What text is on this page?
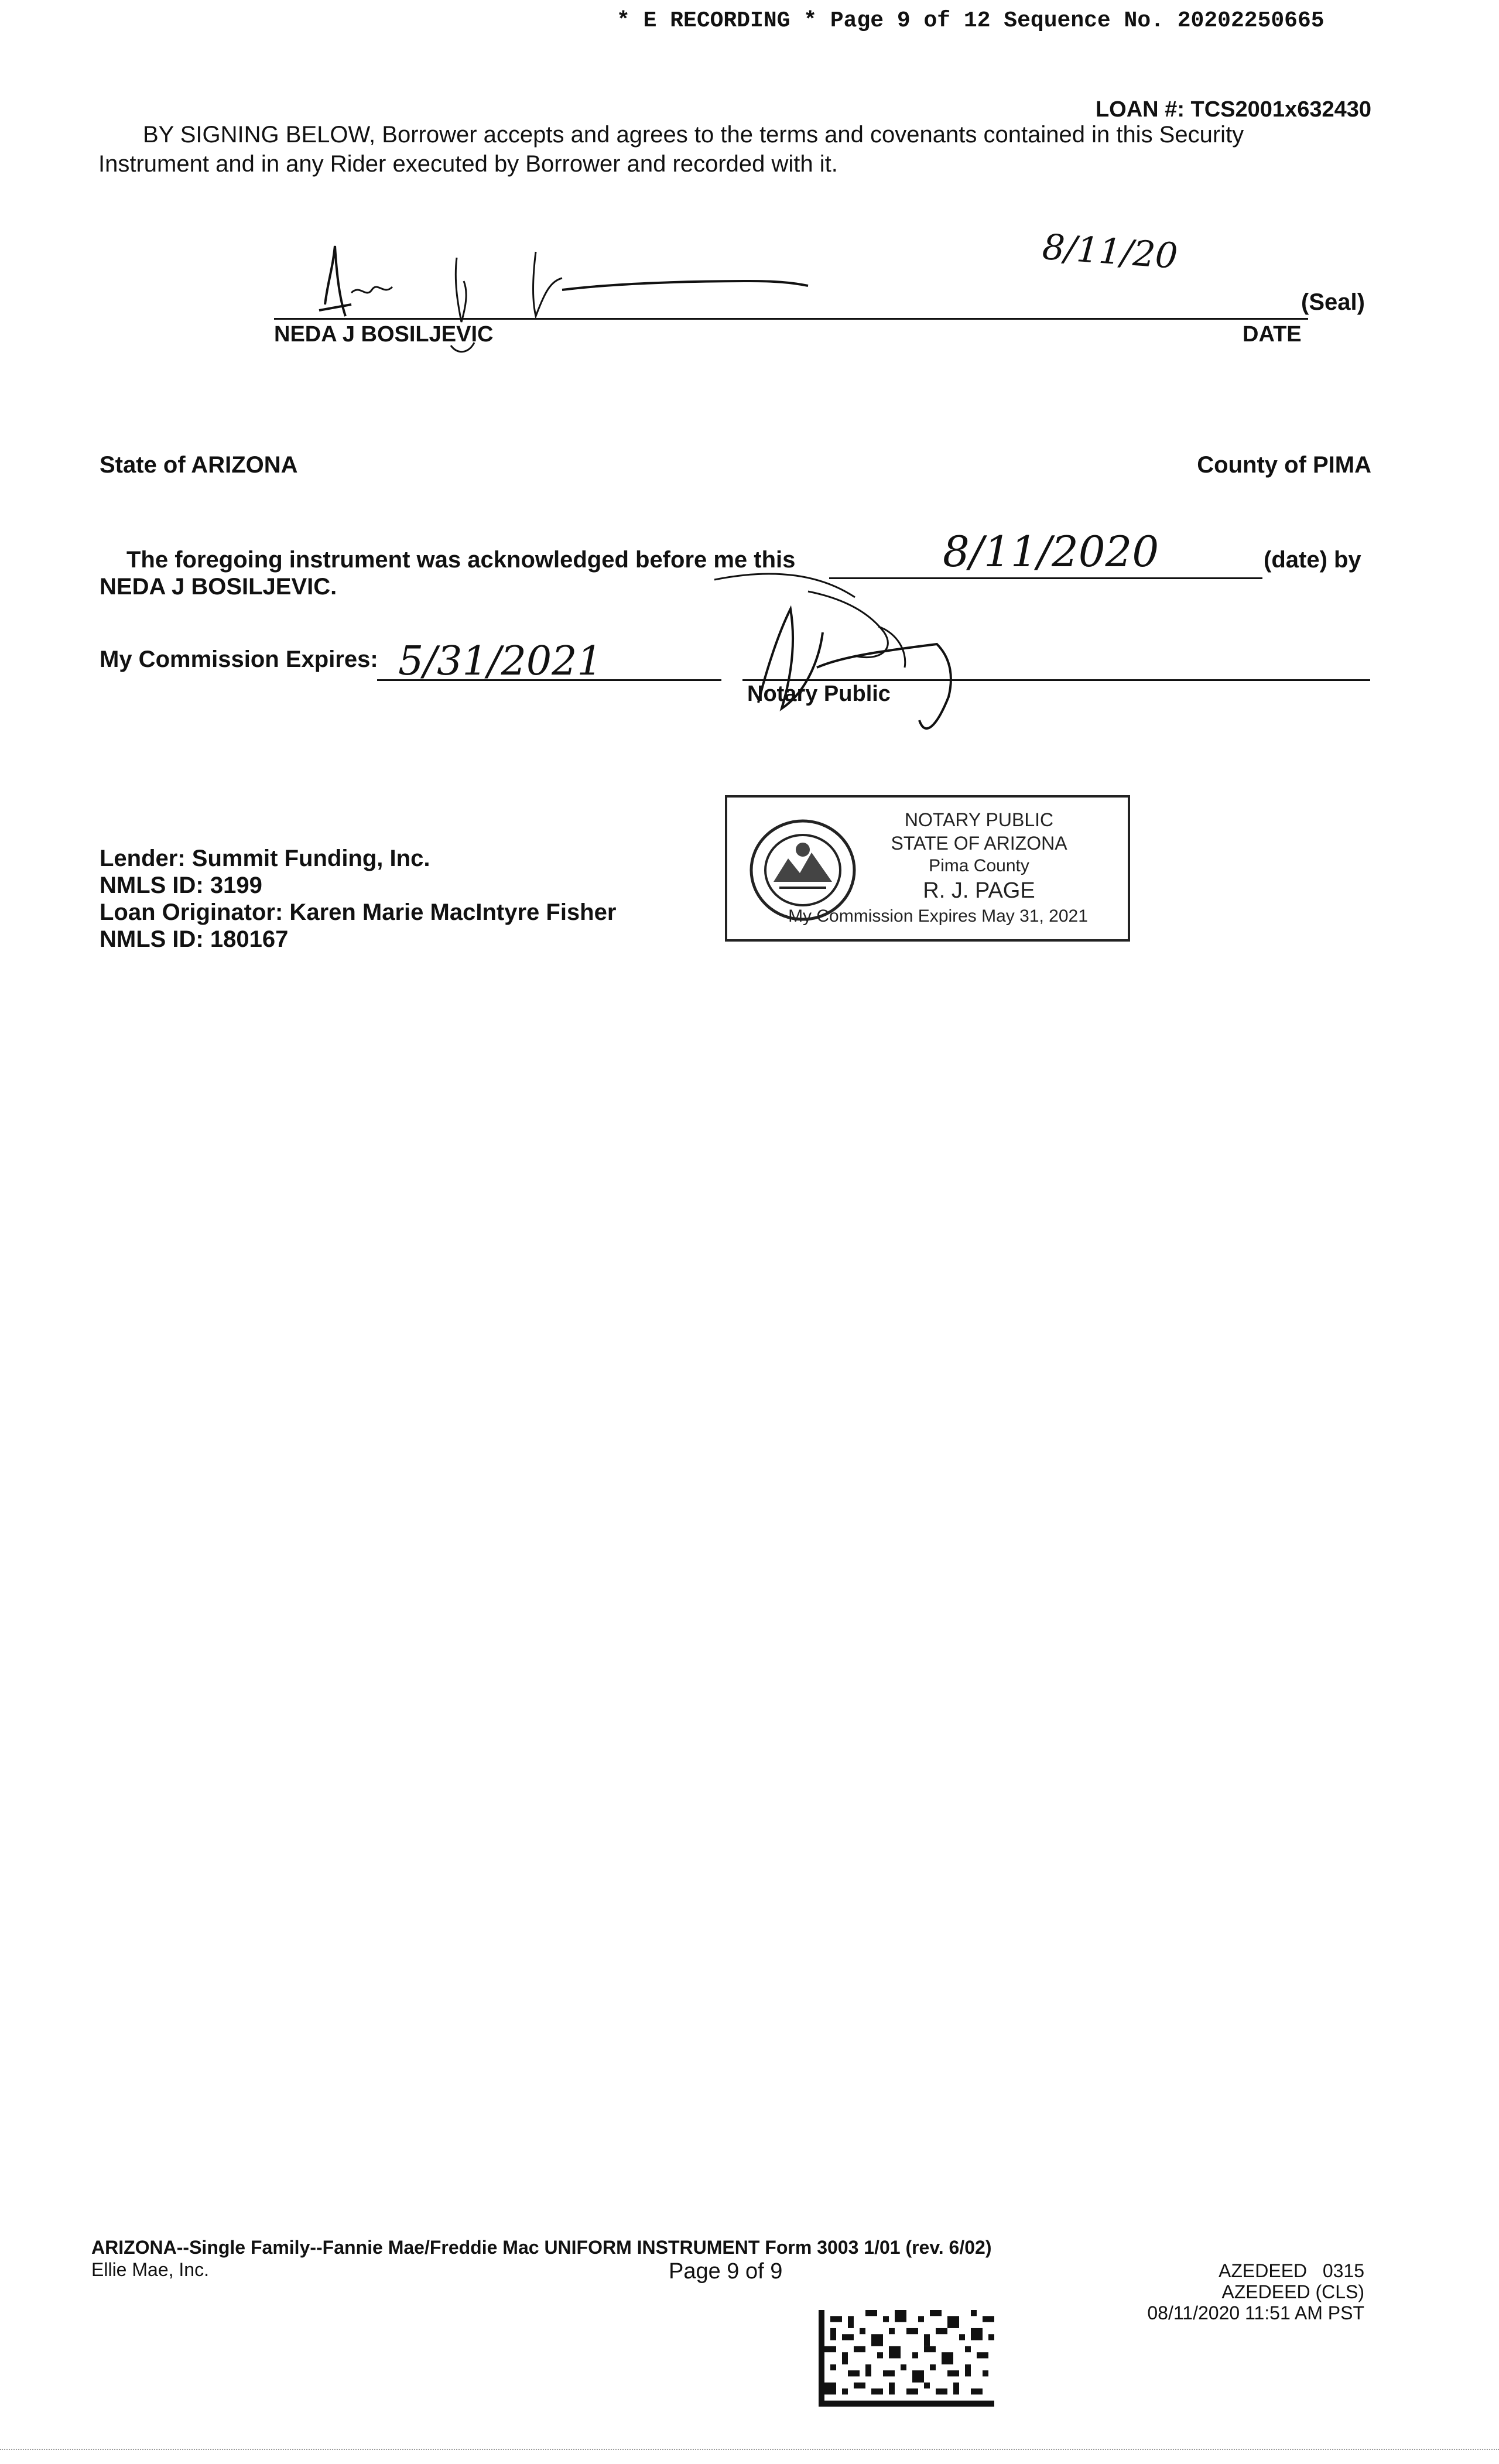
* E RECORDING * Page 9 of 12 Sequence No. 20202250665
LOAN #: TCS2001x632430
BY SIGNING BELOW, Borrower accepts and agrees to the terms and covenants contained in this Security
Instrument and in any Rider executed by Borrower and recorded with it.
8/11/20
(Seal)
NEDA J BOSILJEVIC	DATE
State of ARIZONA	County of PIMA
The foregoing instrument was acknowledged before me this	8/11/2020	(date) by
NEDA J BOSILJEVIC.
My Commission Expires: 5/31/2021
Notary Public
NOTARY PUBLIC
STATE OF ARIZONA
Pima County
R. J. PAGE
My Commission Expires May 31, 2021
Lender: Summit Funding, Inc.
NMLS ID: 3199
Loan Originator: Karen Marie MacIntyre Fisher
NMLS ID: 180167
ARIZONA--Single Family--Fannie Mae/Freddie Mac UNIFORM INSTRUMENT Form 3003 1/01 (rev. 6/02)
Ellie Mae, Inc.	Page 9 of 9	AZEDEED   0315
AZEDEED (CLS)
08/11/2020 11:51 AM PST
